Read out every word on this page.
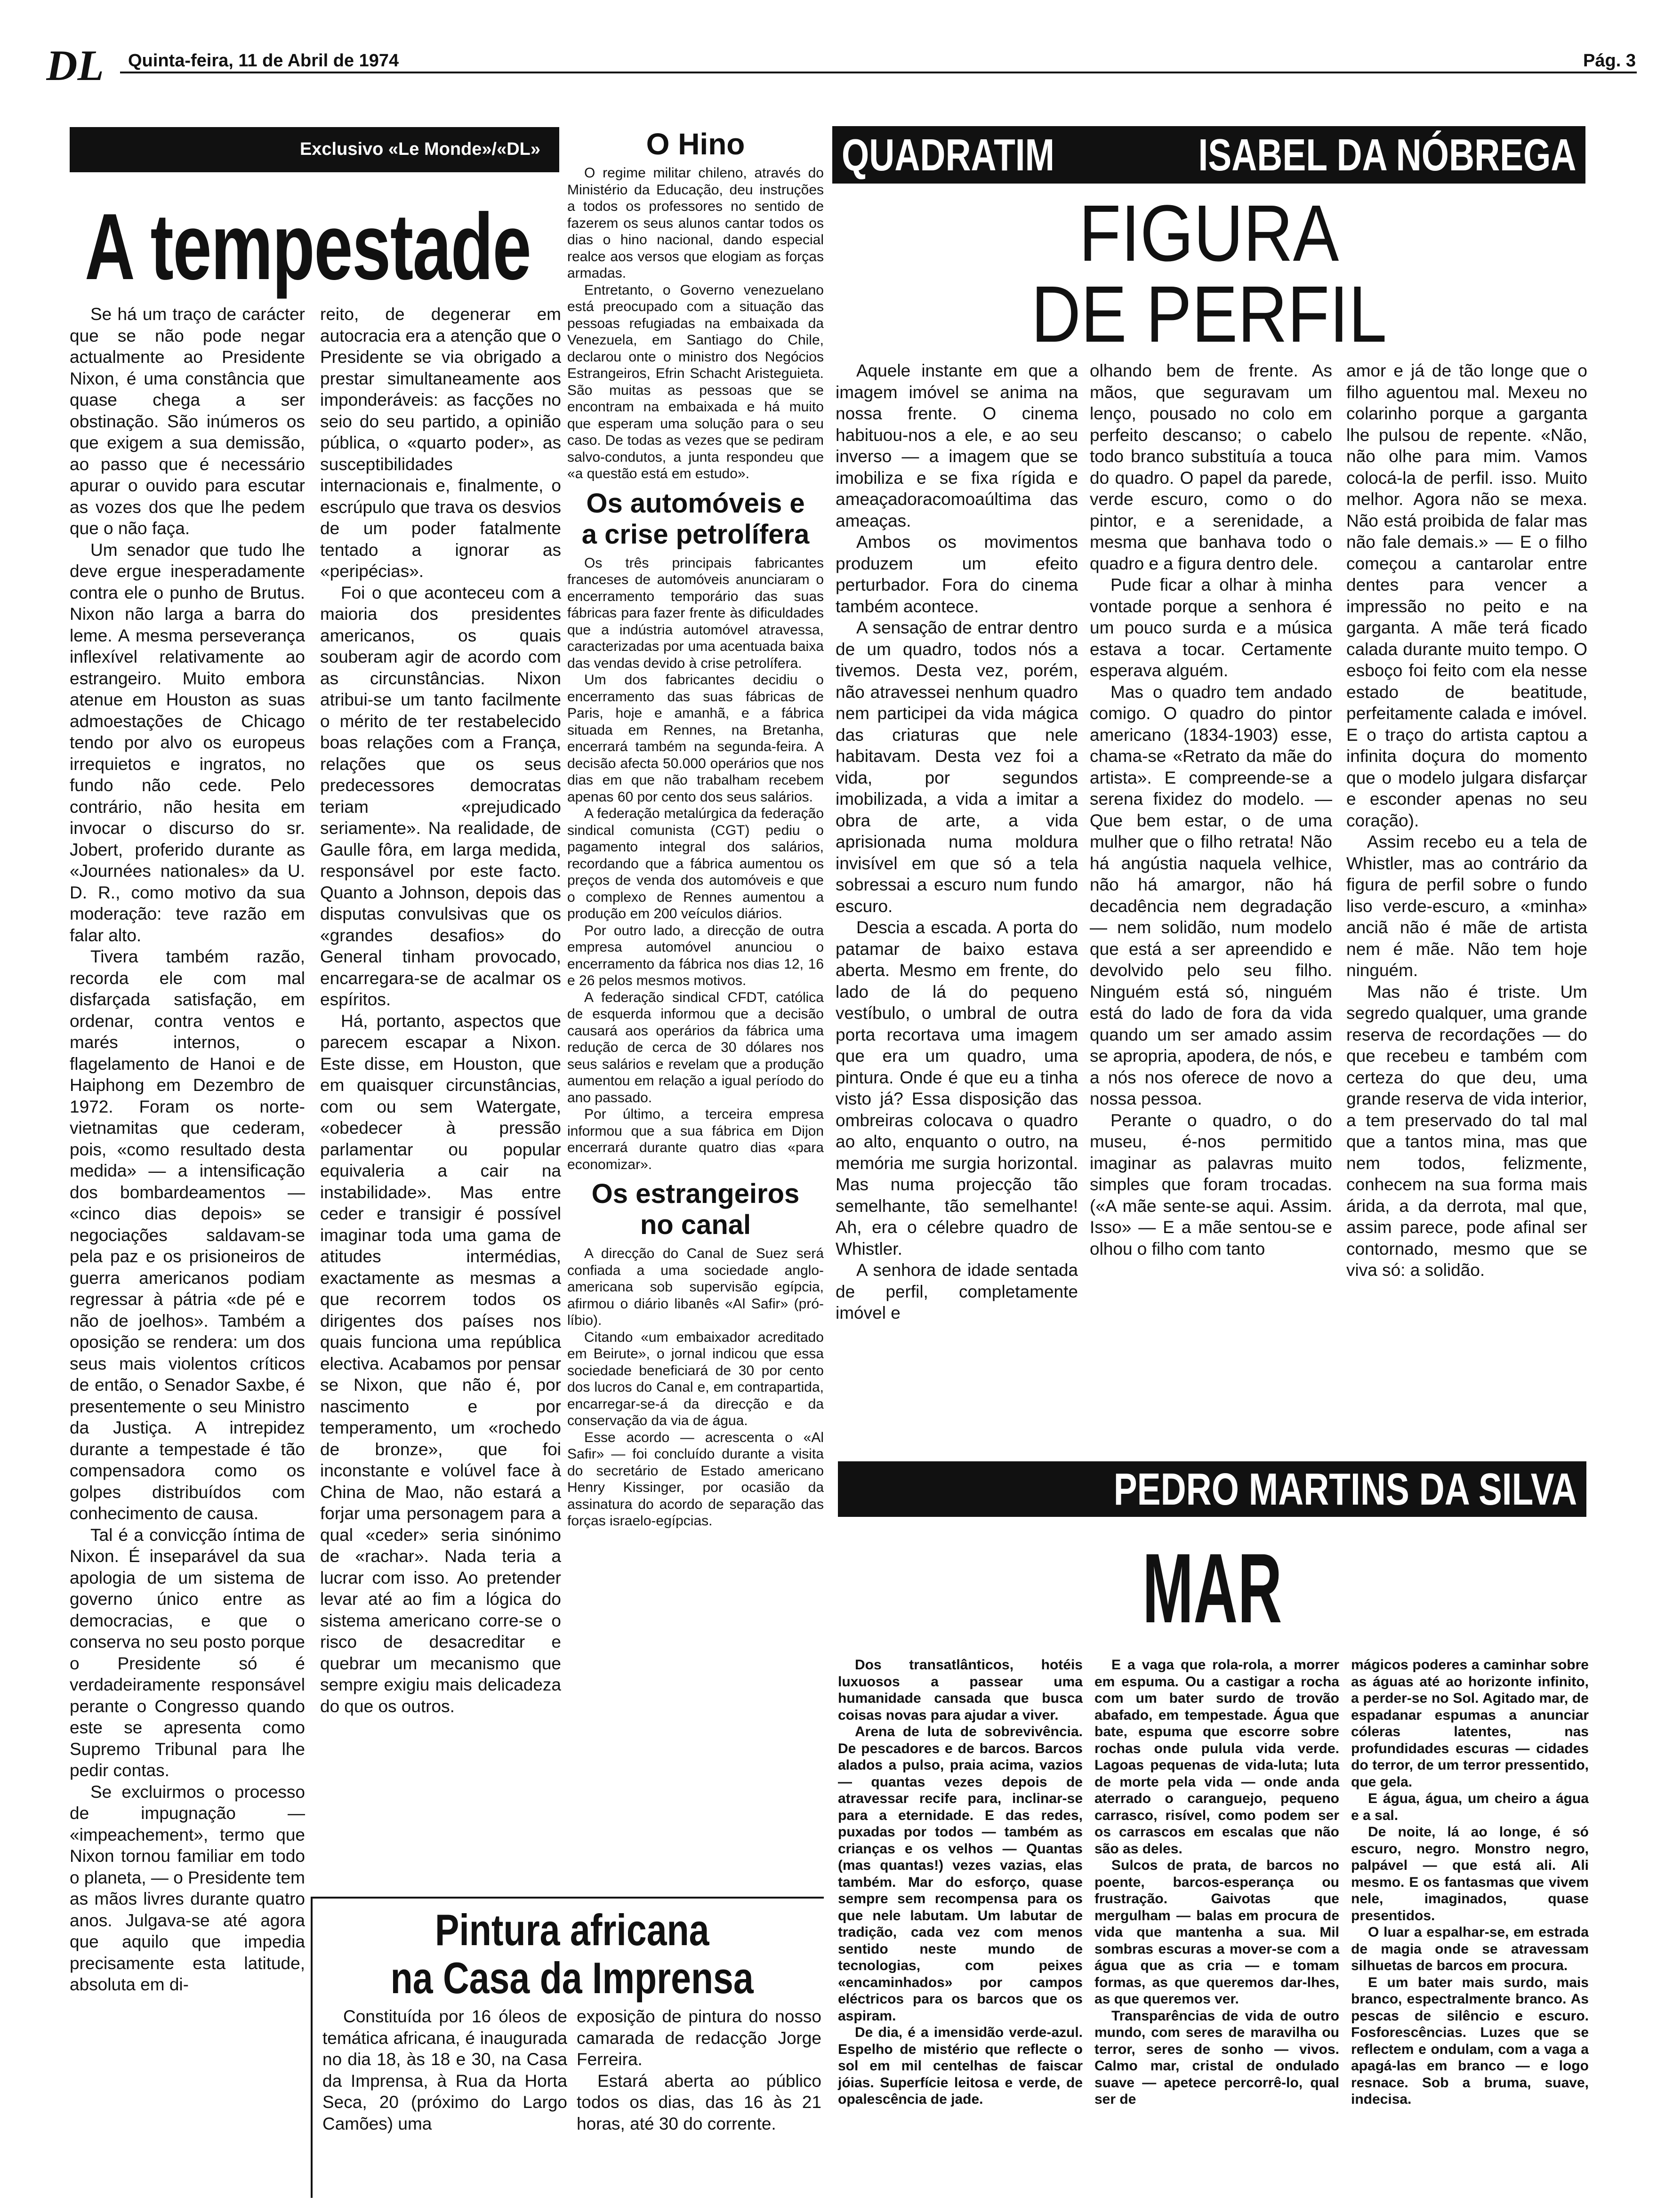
DL Quinta-feira, 11 de Abril de 1974	Pág. 3
Exclusivo «Le Monde»/«DL»
A tempestade

Se há um traço de carácter que se não pode negar actualmente ao Presidente Nixon, é uma constância que quase chega a ser obstinação. São inúmeros os que exigem a sua demissão, ao passo que é necessário apurar o ouvido para escutar as vozes dos que lhe pedem que o não faça.

Um senador que tudo lhe deve ergue inesperadamente contra ele o punho de Brutus. Nixon não larga a barra do leme. A mesma perseverança inflexível relativamente ao estrangeiro. Muito embora atenue em Houston as suas admoestações de Chicago tendo por alvo os europeus irrequietos e ingratos, no fundo não cede. Pelo contrário, não hesita em invocar o discurso do sr. Jobert, proferido durante as «Journées nationales» da U. D. R., como motivo da sua moderação: teve razão em falar alto.

Tivera também razão, recorda ele com mal disfarçada satisfação, em ordenar, contra ventos e marés internos, o flagelamento de Hanoi e de Haiphong em Dezembro de 1972. Foram os norte-vietnamitas que cederam, pois, «como resultado desta medida» — a intensificação dos bombardeamentos — «cinco dias depois» se negociações saldavam-se pela paz e os prisioneiros de guerra americanos podiam regressar à pátria «de pé e não de joelhos». Também a oposição se rendera: um dos seus mais violentos críticos de então, o Senador Saxbe, é presentemente o seu Ministro da Justiça. A intrepidez durante a tempestade é tão compensadora como os golpes distribuídos com conhecimento de causa.

Tal é a convicção íntima de Nixon. É inseparável da sua apologia de um sistema de governo único entre as democracias, e que o conserva no seu posto porque o Presidente só é verdadeiramente responsável perante o Congresso quando este se apresenta como Supremo Tribunal para lhe pedir contas.

Se excluirmos o processo de impugnação — «impeachement», termo que Nixon tornou familiar em todo o planeta, — o Presidente tem as mãos livres durante quatro anos. Julgava-se até agora que aquilo que impedia precisamente esta latitude, absoluta em di-

reito, de degenerar em autocracia era a atenção que o Presidente se via obrigado a prestar simultaneamente aos imponderáveis: as facções no seio do seu partido, a opinião pública, o «quarto poder», as susceptibilidades internacionais e, finalmente, o escrúpulo que trava os desvios de um poder fatalmente tentado a ignorar as «peripécias».

Foi o que aconteceu com a maioria dos presidentes americanos, os quais souberam agir de acordo com as circunstâncias. Nixon atribui-se um tanto facilmente o mérito de ter restabelecido boas relações com a França, relações que os seus predecessores democratas teriam «prejudicado seriamente». Na realidade, de Gaulle fôra, em larga medida, responsável por este facto. Quanto a Johnson, depois das disputas convulsivas que os «grandes desafios» do General tinham provocado, encarregara-se de acalmar os espíritos.

Há, portanto, aspectos que parecem escapar a Nixon. Este disse, em Houston, que em quaisquer circunstâncias, com ou sem Watergate, «obedecer à pressão parlamentar ou popular equivaleria a cair na instabilidade». Mas entre ceder e transigir é possível imaginar toda uma gama de atitudes intermédias, exactamente as mesmas a que recorrem todos os dirigentes dos países nos quais funciona uma república electiva. Acabamos por pensar se Nixon, que não é, por nascimento e por temperamento, um «rochedo de bronze», que foi inconstante e volúvel face à China de Mao, não estará a forjar uma personagem para a qual «ceder» seria sinónimo de «rachar». Nada teria a lucrar com isso. Ao pretender levar até ao fim a lógica do sistema americano corre-se o risco de desacreditar e quebrar um mecanismo que sempre exigiu mais delicadeza do que os outros.

O Hino

O regime militar chileno, através do Ministério da Educação, deu instruções a todos os professores no sentido de fazerem os seus alunos cantar todos os dias o hino nacional, dando especial realce aos versos que elogiam as forças armadas.

Entretanto, o Governo venezuelano está preocupado com a situação das pessoas refugiadas na embaixada da Venezuela, em Santiago do Chile, declarou onte o ministro dos Negócios Estrangeiros, Efrin Schacht Aristeguieta. São muitas as pessoas que se encontram na embaixada e há muito que esperam uma solução para o seu caso. De todas as vezes que se pediram salvo-condutos, a junta respondeu que «a questão está em estudo».

Os automóveis e a crise petrolífera

Os três principais fabricantes franceses de automóveis anunciaram o encerramento temporário das suas fábricas para fazer frente às dificuldades que a indústria automóvel atravessa, caracterizadas por uma acentuada baixa das vendas devido à crise petrolífera.

Um dos fabricantes decidiu o encerramento das suas fábricas de Paris, hoje e amanhã, e a fábrica situada em Rennes, na Bretanha, encerrará também na segunda-feira. A decisão afecta 50.000 operários que nos dias em que não trabalham recebem apenas 60 por cento dos seus salários.

A federação metalúrgica da federação sindical comunista (CGT) pediu o pagamento integral dos salários, recordando que a fábrica aumentou os preços de venda dos automóveis e que o complexo de Rennes aumentou a produção em 200 veículos diários.

Por outro lado, a direcção de outra empresa automóvel anunciou o encerramento da fábrica nos dias 12, 16 e 26 pelos mesmos motivos.

A federação sindical CFDT, católica de esquerda informou que a decisão causará aos operários da fábrica uma redução de cerca de 30 dólares nos seus salários e revelam que a produção aumentou em relação a igual período do ano passado.

Por último, a terceira empresa informou que a sua fábrica em Dijon encerrará durante quatro dias «para economizar».

Os estrangeiros no canal

A direcção do Canal de Suez será confiada a uma sociedade anglo-americana sob supervisão egípcia, afirmou o diário libanês «Al Safir» (pró-líbio).

Citando «um embaixador acreditado em Beirute», o jornal indicou que essa sociedade beneficiará de 30 por cento dos lucros do Canal e, em contrapartida, encarregar-se-á da direcção e da conservação da via de água.

Esse acordo — acrescenta o «Al Safir» — foi concluído durante a visita do secretário de Estado americano Henry Kissinger, por ocasião da assinatura do acordo de separação das forças israelo-egípcias.

Pintura africana
na Casa da Imprensa

Constituída por 16 óleos de temática africana, é inaugurada no dia 18, às 18 e 30, na Casa da Imprensa, à Rua da Horta Seca, 20 (próximo do Largo Camões) uma

exposição de pintura do nosso camarada de redacção Jorge Ferreira.

Estará aberta ao público todos os dias, das 16 às 21 horas, até 30 do corrente.

QUADRATIM	ISABEL DA NÓBREGA
FIGURA
DE PERFIL

Aquele instante em que a imagem imóvel se anima na nossa frente. O cinema habituou-nos a ele, e ao seu inverso — a imagem que se imobiliza e se fixa rígida e ameaçadoracomoaúltima das ameaças.

Ambos os movimentos produzem um efeito perturbador. Fora do cinema também acontece.

A sensação de entrar dentro de um quadro, todos nós a tivemos. Desta vez, porém, não atravessei nenhum quadro nem participei da vida mágica das criaturas que nele habitavam. Desta vez foi a vida, por segundos imobilizada, a vida a imitar a obra de arte, a vida aprisionada numa moldura invisível em que só a tela sobressai a escuro num fundo escuro.

Descia a escada. A porta do patamar de baixo estava aberta. Mesmo em frente, do lado de lá do pequeno vestíbulo, o umbral de outra porta recortava uma imagem que era um quadro, uma pintura. Onde é que eu a tinha visto já? Essa disposição das ombreiras colocava o quadro ao alto, enquanto o outro, na memória me surgia horizontal. Mas numa projecção tão semelhante, tão semelhante! Ah, era o célebre quadro de Whistler.

A senhora de idade sentada de perfil, completamente imóvel e

olhando bem de frente. As mãos, que seguravam um lenço, pousado no colo em perfeito descanso; o cabelo todo branco substituía a touca do quadro. O papel da parede, verde escuro, como o do pintor, e a serenidade, a mesma que banhava todo o quadro e a figura dentro dele.

Pude ficar a olhar à minha vontade porque a senhora é um pouco surda e a música estava a tocar. Certamente esperava alguém.

Mas o quadro tem andado comigo. O quadro do pintor americano (1834-1903) esse, chama-se «Retrato da mãe do artista». E compreende-se a serena fixidez do modelo. — Que bem estar, o de uma mulher que o filho retrata! Não há angústia naquela velhice, não há amargor, não há decadência nem degradação — nem solidão, num modelo que está a ser apreendido e devolvido pelo seu filho. Ninguém está só, ninguém está do lado de fora da vida quando um ser amado assim se apropria, apodera, de nós, e a nós nos oferece de novo a nossa pessoa.

Perante o quadro, o do museu, é-nos permitido imaginar as palavras muito simples que foram trocadas. («A mãe sente-se aqui. Assim. Isso» — E a mãe sentou-se e olhou o filho com tanto

amor e já de tão longe que o filho aguentou mal. Mexeu no colarinho porque a garganta lhe pulsou de repente. «Não, não olhe para mim. Vamos colocá-la de perfil. isso. Muito melhor. Agora não se mexa. Não está proibida de falar mas não fale demais.» — E o filho começou a cantarolar entre dentes para vencer a impressão no peito e na garganta. A mãe terá ficado calada durante muito tempo. O esboço foi feito com ela nesse estado de beatitude, perfeitamente calada e imóvel. E o traço do artista captou a infinita doçura do momento que o modelo julgara disfarçar e esconder apenas no seu coração).

Assim recebo eu a tela de Whistler, mas ao contrário da figura de perfil sobre o fundo liso verde-escuro, a «minha» anciã não é mãe de artista nem é mãe. Não tem hoje ninguém.

Mas não é triste. Um segredo qualquer, uma grande reserva de recordações — do que recebeu e também com certeza do que deu, uma grande reserva de vida interior, a tem preservado do tal mal que a tantos mina, mas que nem todos, felizmente, conhecem na sua forma mais árida, a da derrota, mal que, assim parece, pode afinal ser contornado, mesmo que se viva só: a solidão.

PEDRO MARTINS DA SILVA
MAR

Dos transatlânticos, hotéis luxuosos a passear uma humanidade cansada que busca coisas novas para ajudar a viver.

Arena de luta de sobrevivência. De pescadores e de barcos. Barcos alados a pulso, praia acima, vazios — quantas vezes depois de atravessar recife para, inclinar-se para a eternidade. E das redes, puxadas por todos — também as crianças e os velhos — Quantas (mas quantas!) vezes vazias, elas também. Mar do esforço, quase sempre sem recompensa para os que nele labutam. Um labutar de tradição, cada vez com menos sentido neste mundo de tecnologias, com peixes «encaminhados» por campos eléctricos para os barcos que os aspiram.

De dia, é a imensidão verde-azul. Espelho de mistério que reflecte o sol em mil centelhas de faiscar jóias. Superfície leitosa e verde, de opalescência de jade.

E a vaga que rola-rola, a morrer em espuma. Ou a castigar a rocha com um bater surdo de trovão abafado, em tempestade. Água que bate, espuma que escorre sobre rochas onde pulula vida verde. Lagoas pequenas de vida-luta; luta de morte pela vida — onde anda aterrado o caranguejo, pequeno carrasco, risível, como podem ser os carrascos em escalas que não são as deles.

Sulcos de prata, de barcos no poente, barcos-esperança ou frustração. Gaivotas que mergulham — balas em procura de vida que mantenha a sua. Mil sombras escuras a mover-se com a água que as cria — e tomam formas, as que queremos dar-lhes, as que queremos ver.

Transparências de vida de outro mundo, com seres de maravilha ou terror, seres de sonho — vivos. Calmo mar, cristal de ondulado suave — apetece percorrê-lo, qual ser de

mágicos poderes a caminhar sobre as águas até ao horizonte infinito, a perder-se no Sol. Agitado mar, de espadanar espumas a anunciar cóleras latentes, nas profundidades escuras — cidades do terror, de um terror pressentido, que gela.

E água, água, um cheiro a água e a sal.

De noite, lá ao longe, é só escuro, negro. Monstro negro, palpável — que está ali. Ali mesmo. E os fantasmas que vivem nele, imaginados, quase presentidos.

O luar a espalhar-se, em estrada de magia onde se atravessam silhuetas de barcos em procura.

E um bater mais surdo, mais branco, espectralmente branco. As pescas de silêncio e escuro. Fosforescências. Luzes que se reflectem e ondulam, com a vaga a apagá-las em branco — e logo resnace. Sob a bruma, suave, indecisa.
